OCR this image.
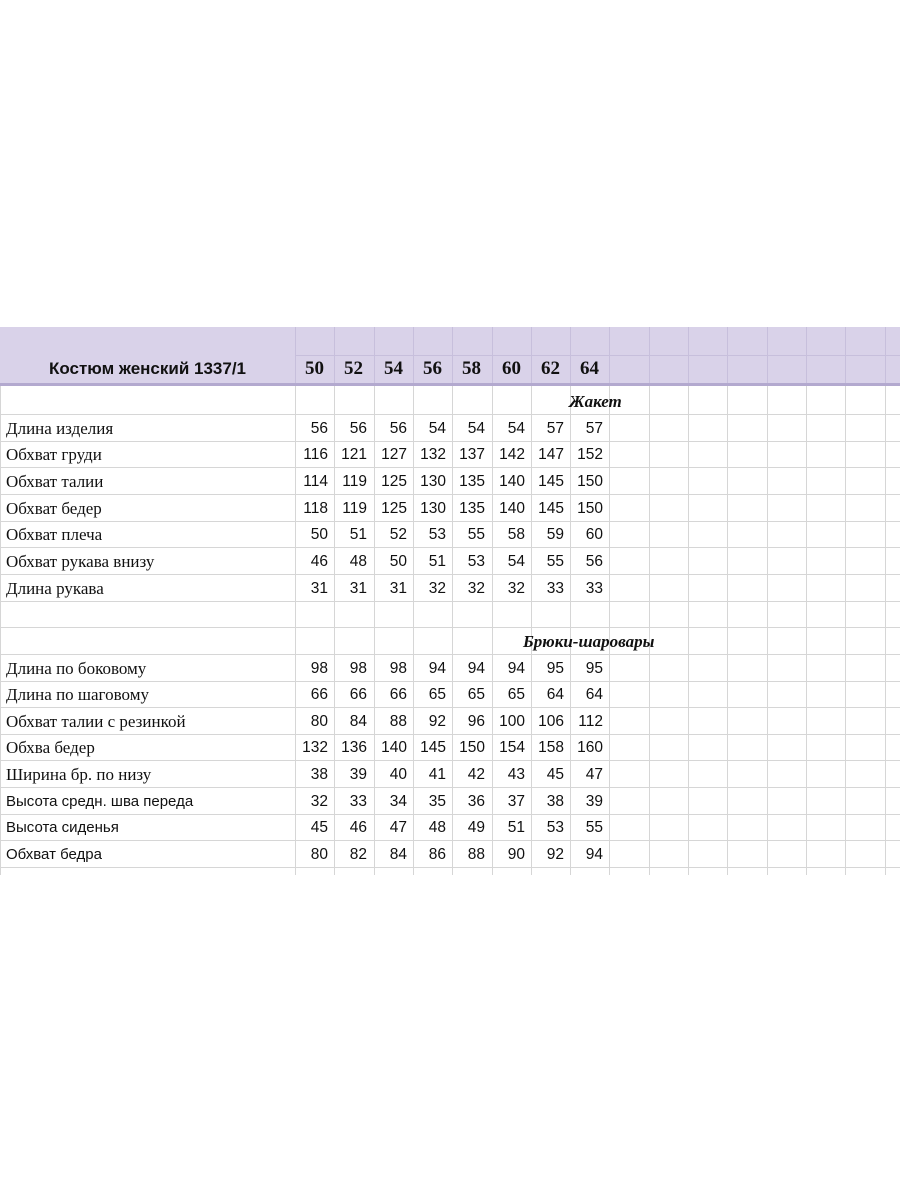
Костюм женский 1337/1	50	52	54	56	58	60	62	64
Жакет
Длина изделия	56	56	56	54	54	54	57	57
Обхват груди	116 121 127 132 137 142 147 152
Обхват талии	114 119 125 130 135 140 145 150
Обхват бедер	118 119 125 130 135 140 145 150
Обхват плеча	50	51	52	53	55	58	59	60
Обхват рукава внизу	46	48	50	51	53	54	55	56
Длина рукава	31	31	31	32	32	32	33	33
Брюки-шаровары
Длина по боковому	98	98	98	94	94	94	95	95
Длина по шаговому	66	66	66	65	65	65	64	64
Обхват талии с резинкой	80	84	88	92	96 100 106 112
Обхва бедер	132 136 140 145 150 154 158 160
Ширина бр. по низу	38	39	40	41	42	43	45	47
Высота средн. шва переда	32	33	34	35	36	37	38	39
Высота сиденья	45	46	47	48	49	51	53	55
Обхват бедра	80	82	84	86	88	90	92	94
